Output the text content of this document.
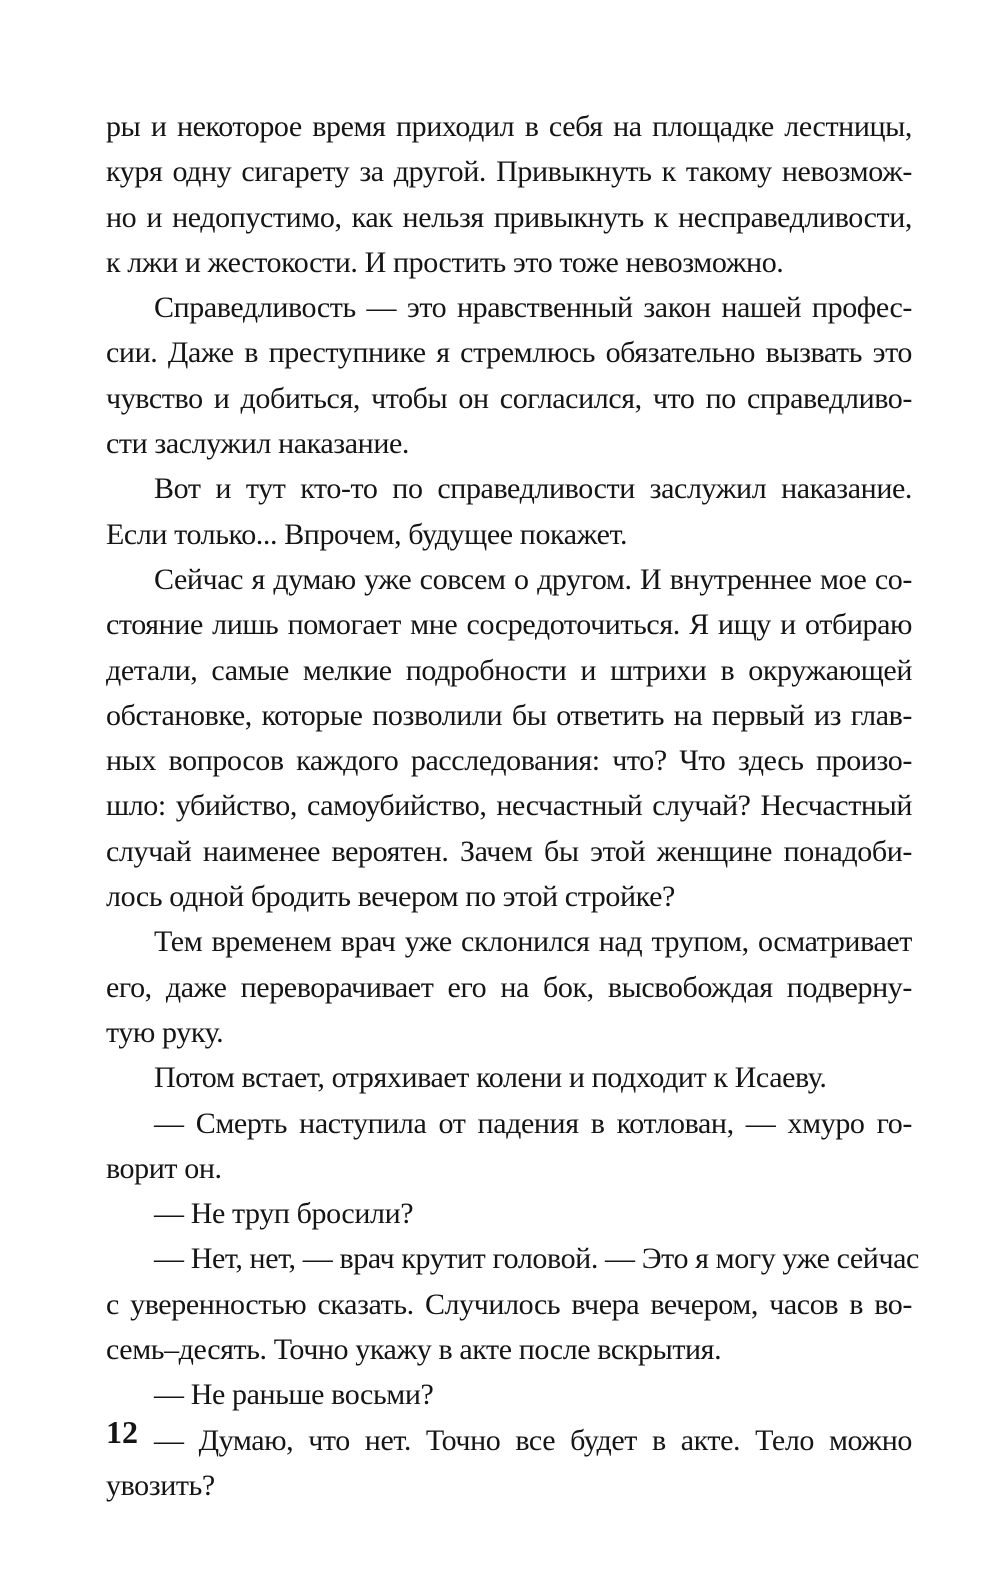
ры и некоторое время приходил в себя на площадке лестницы,
куря одну сигарету за другой. Привыкнуть к такому невозмож-
но и недопустимо, как нельзя привыкнуть к несправедливости,
к лжи и жестокости. И простить это тоже невозможно.
Справедливость — это нравственный закон нашей профес-
сии. Даже в преступнике я стремлюсь обязательно вызвать это
чувство и добиться, чтобы он согласился, что по справедливо-
сти заслужил наказание.
Вот и тут кто-то по справедливости заслужил наказание.
Если только... Впрочем, будущее покажет.
Сейчас я думаю уже совсем о другом. И внутреннее мое со-
стояние лишь помогает мне сосредоточиться. Я ищу и отбираю
детали, самые мелкие подробности и штрихи в окружающей
обстановке, которые позволили бы ответить на первый из глав-
ных вопросов каждого расследования: что? Что здесь произо-
шло: убийство, самоубийство, несчастный случай? Несчастный
случай наименее вероятен. Зачем бы этой женщине понадоби-
лось одной бродить вечером по этой стройке?
Тем временем врач уже склонился над трупом, осматривает
его, даже переворачивает его на бок, высвобождая подверну-
тую руку.
Потом встает, отряхивает колени и подходит к Исаеву.
— Смерть наступила от падения в котлован, — хмуро го-
ворит он.
— Не труп бросили?
— Нет, нет, — врач крутит головой. — Это я могу уже сейчас
с уверенностью сказать. Случилось вчера вечером, часов в во-
семь–десять. Точно укажу в акте после вскрытия.
— Не раньше восьми?
— Думаю, что нет. Точно все будет в акте. Тело можно
увозить?
12
